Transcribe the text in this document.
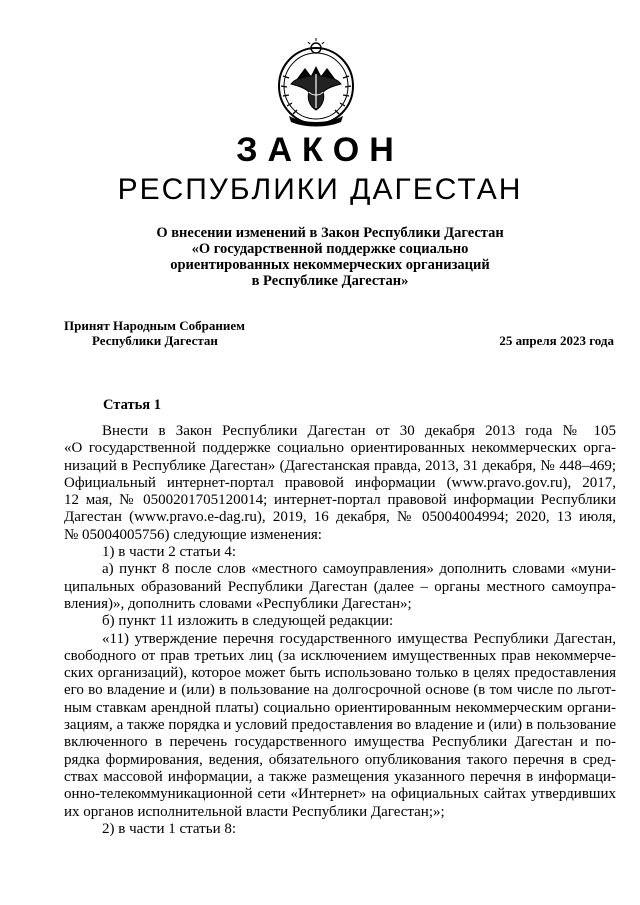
ЗАКОН
РЕСПУБЛИКИ ДАГЕСТАН
О внесении изменений в Закон Республики Дагестан
«О государственной поддержке социально
ориентированных некоммерческих организаций
в Республике Дагестан»
Принят Народным Собранием
Республики Дагестан	25 апреля 2023 года
Статья 1
Внести в Закон Республики Дагестан от 30 декабря 2013 года № 105
«О государственной поддержке социально ориентированных некоммерческих орга-
низаций в Республике Дагестан» (Дагестанская правда, 2013, 31 декабря, № 448–469;
Официальный интернет-портал правовой информации (www.pravo.gov.ru), 2017,
12 мая, № 0500201705120014; интернет-портал правовой информации Республики
Дагестан (www.pravo.e-dag.ru), 2019, 16 декабря, № 05004004994; 2020, 13 июля,
№ 05004005756) следующие изменения:
1) в части 2 статьи 4:
а) пункт 8 после слов «местного самоуправления» дополнить словами «муни-
ципальных образований Республики Дагестан (далее – органы местного самоупра-
вления)», дополнить словами «Республики Дагестан»;
б) пункт 11 изложить в следующей редакции:
«11) утверждение перечня государственного имущества Республики Дагестан,
свободного от прав третьих лиц (за исключением имущественных прав некоммерче-
ских организаций), которое может быть использовано только в целях предоставления
его во владение и (или) в пользование на долгосрочной основе (в том числе по льгот-
ным ставкам арендной платы) социально ориентированным некоммерческим органи-
зациям, а также порядка и условий предоставления во владение и (или) в пользование
включенного в перечень государственного имущества Республики Дагестан и по-
рядка формирования, ведения, обязательного опубликования такого перечня в сред-
ствах массовой информации, а также размещения указанного перечня в информаци-
онно-телекоммуникационной сети «Интернет» на официальных сайтах утвердивших
их органов исполнительной власти Республики Дагестан;»;
2) в части 1 статьи 8:
